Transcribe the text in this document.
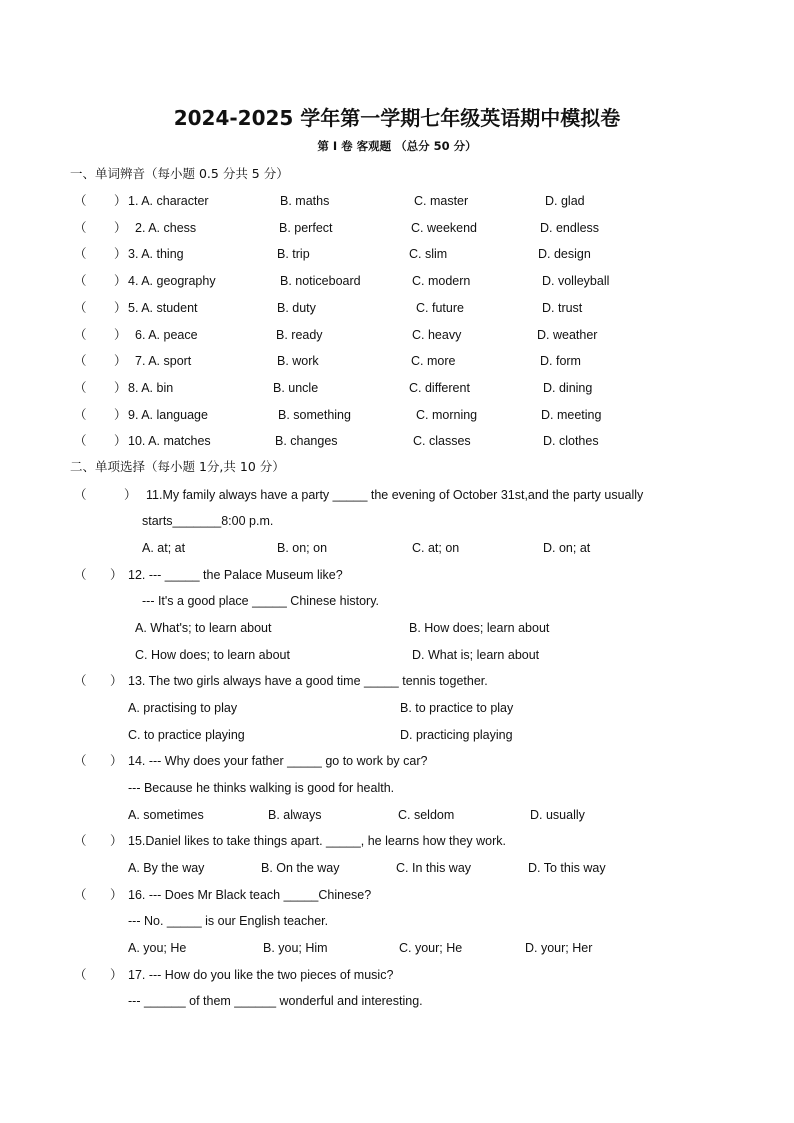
2024-2025 学年第一学期七年级英语期中模拟卷
第 I 卷 客观题 （总分 50 分）
一、单词辨音（每小题 0.5 分共 5 分）
（ ） 1. A. character	B. maths	C. master	D. glad
（ ） 2. A. chess	B. perfect	C. weekend	D. endless
（ ） 3. A. thing	B. trip	C. slim	D. design
（ ） 4. A. geography	B. noticeboard	C. modern	D. volleyball
（ ） 5. A. student	B. duty	C. future	D. trust
（ ） 6. A. peace	B. ready	C. heavy	D. weather
（ ） 7. A. sport	B. work	C. more	D. form
（ ） 8. A. bin	B. uncle	C. different	D. dining
（ ） 9. A. language	B. something	C. morning	D. meeting
（ ） 10. A. matches	B. changes	C. classes	D. clothes
二、单项选择（每小题 1分,共 10 分）
（	） 11.My family always have a party _____ the evening of October 31st,and the party usually
starts_______8:00 p.m.
A. at; at	B. on; on	C. at; on	D. on; at
（ ） 12. --- _____ the Palace Museum like?
--- It's a good place _____ Chinese history.
A. What's; to learn about	B. How does; learn about
C. How does; to learn about	D. What is; learn about
（ ） 13. The two girls always have a good time _____ tennis together.
A. practising to play	B. to practice to play
C. to practice playing	D. practicing playing
（ ） 14. --- Why does your father _____ go to work by car?
--- Because he thinks walking is good for health.
A. sometimes	B. always	C. seldom	D. usually
（ ） 15.Daniel likes to take things apart. _____, he learns how they work.
A. By the way	B. On the way	C. In this way	D. To this way
（ ） 16. --- Does Mr Black teach _____Chinese?
--- No. _____ is our English teacher.
A. you; He	B. you; Him	C. your; He	D. your; Her
（ ） 17. --- How do you like the two pieces of music?
--- ______ of them ______ wonderful and interesting.
